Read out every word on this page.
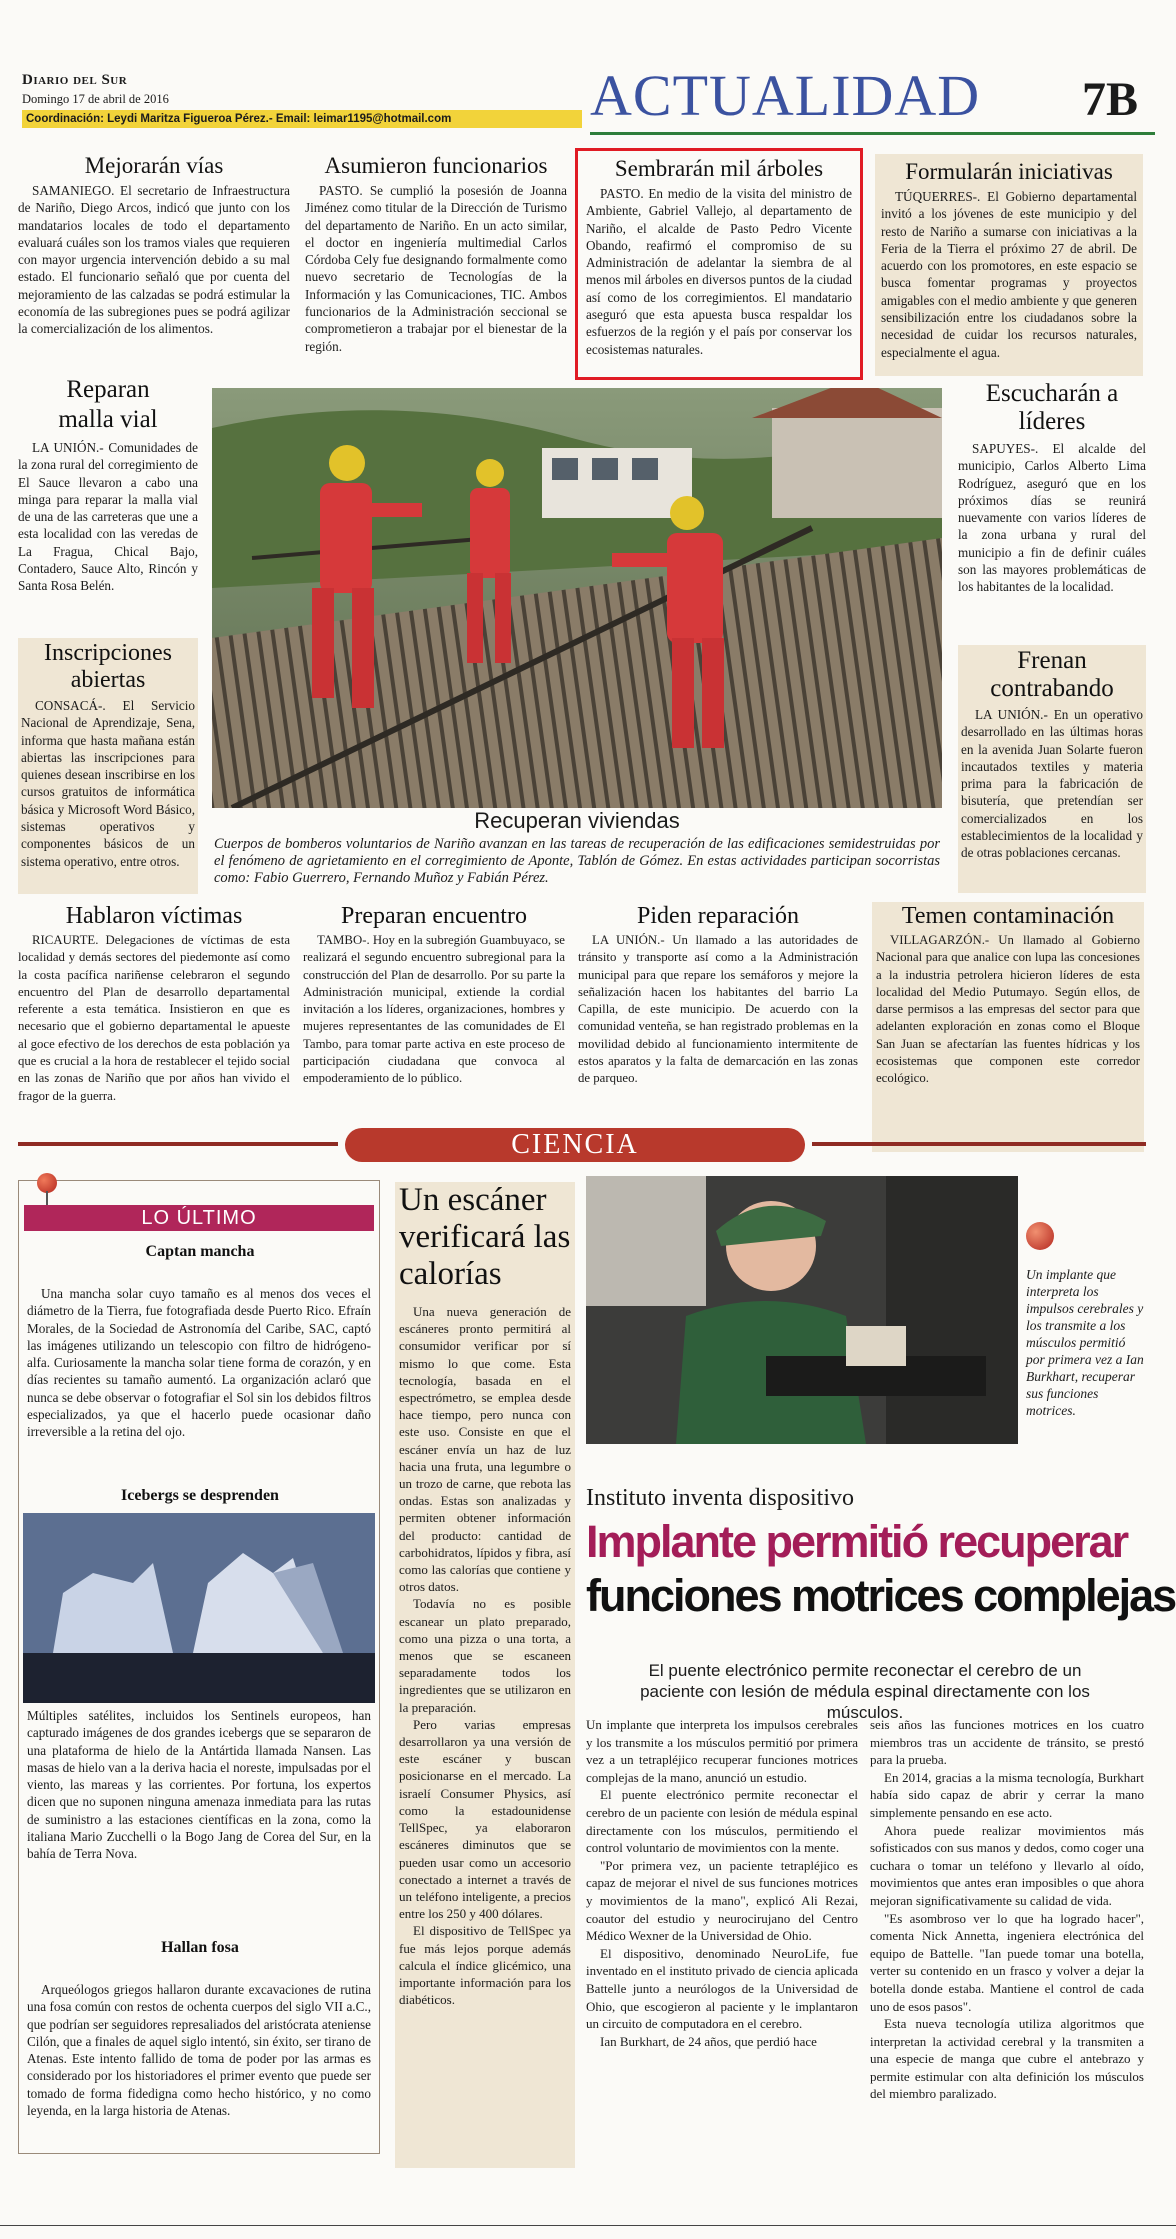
Diario del Sur
Domingo 17 de abril de 2016
Coordinación: Leydi Maritza Figueroa Pérez.- Email: leimar1195@hotmail.com	ACTUALIDAD 7B
Mejorarán vías

SAMANIEGO. El secretario de Infraestructura de Nariño, Diego Arcos, indicó que junto con los mandatarios locales de todo el departamento evaluará cuáles son los tramos viales que requieren con mayor urgencia intervención debido a su mal estado. El funcionario señaló que por cuenta del mejoramiento de las calzadas se podrá estimular la economía de las subregiones pues se podrá agilizar la comercialización de los alimentos.

Asumieron funcionarios

PASTO. Se cumplió la posesión de Joanna Jiménez como titular de la Dirección de Turismo del departamento de Nariño. En un acto similar, el doctor en ingeniería multimedial Carlos Córdoba Cely fue designando formalmente como nuevo secretario de Tecnologías de la Información y las Comunicaciones, TIC. Ambos funcionarios de la Administración seccional se comprometieron a trabajar por el bienestar de la región.

Sembrarán mil árboles

PASTO. En medio de la visita del ministro de Ambiente, Gabriel Vallejo, al departamento de Nariño, el alcalde de Pasto Pedro Vicente Obando, reafirmó el compromiso de su Administración de adelantar la siembra de al menos mil árboles en diversos puntos de la ciudad así como de los corregimientos. El mandatario aseguró que esta apuesta busca respaldar los esfuerzos de la región y el país por conservar los ecosistemas naturales.

Formularán iniciativas

TÚQUERRES-. El Gobierno departamental invitó a los jóvenes de este municipio y del resto de Nariño a sumarse con iniciativas a la Feria de la Tierra el próximo 27 de abril. De acuerdo con los promotores, en este espacio se busca fomentar programas y proyectos amigables con el medio ambiente y que generen sensibilización entre los ciudadanos sobre la necesidad de cuidar los recursos naturales, especialmente el agua.

Reparan malla vial

LA UNIÓN.- Comunidades de la zona rural del corregimiento de El Sauce llevaron a cabo una minga para reparar la malla vial de una de las carreteras que une a esta localidad con las veredas de La Fragua, Chical Bajo, Contadero, Sauce Alto, Rincón y Santa Rosa Belén.

Inscripciones abiertas

CONSACÁ-. El Servicio Nacional de Aprendizaje, Sena, informa que hasta mañana están abiertas las inscripciones para quienes desean inscribirse en los cursos gratuitos de informática básica y Microsoft Word Básico, sistemas operativos y componentes básicos de un sistema operativo, entre otros.

Recuperan viviendas
Cuerpos de bomberos voluntarios de Nariño avanzan en las tareas de recuperación de las edificaciones semidestruidas por el fenómeno de agrietamiento en el corregimiento de Aponte, Tablón de Gómez. En estas actividades participan socorristas como: Fabio Guerrero, Fernando Muñoz y Fabián Pérez.
Escucharán a líderes

SAPUYES-. El alcalde del municipio, Carlos Alberto Lima Rodríguez, aseguró que en los próximos días se reunirá nuevamente con varios líderes de la zona urbana y rural del municipio a fin de definir cuáles son las mayores problemáticas de los habitantes de la localidad.

Frenan contrabando

LA UNIÓN.- En un operativo desarrollado en las últimas horas en la avenida Juan Solarte fueron incautados textiles y materia prima para la fabricación de bisutería, que pretendían ser comercializados en los establecimientos de la localidad y de otras poblaciones cercanas.

Hablaron víctimas

RICAURTE. Delegaciones de víctimas de esta localidad y demás sectores del piedemonte así como la costa pacífica nariñense celebraron el segundo encuentro del Plan de desarrollo departamental referente a esta temática. Insistieron en que es necesario que el gobierno departamental le apueste al goce efectivo de los derechos de esta población ya que es crucial a la hora de restablecer el tejido social en las zonas de Nariño que por años han vivido el fragor de la guerra.

Preparan encuentro

TAMBO-. Hoy en la subregión Guambuyaco, se realizará el segundo encuentro subregional para la construcción del Plan de desarrollo. Por su parte la Administración municipal, extiende la cordial invitación a los líderes, organizaciones, hombres y mujeres representantes de las comunidades de El Tambo, para tomar parte activa en este proceso de participación ciudadana que convoca al empoderamiento de lo público.

Piden reparación

LA UNIÓN.- Un llamado a las autoridades de tránsito y transporte así como a la Administración municipal para que repare los semáforos y mejore la señalización hacen los habitantes del barrio La Capilla, de este municipio. De acuerdo con la comunidad venteña, se han registrado problemas en la movilidad debido al funcionamiento intermitente de estos aparatos y la falta de demarcación en las zonas de parqueo.

Temen contaminación

VILLAGARZÓN.- Un llamado al Gobierno Nacional para que analice con lupa las concesiones a la industria petrolera hicieron líderes de esta localidad del Medio Putumayo. Según ellos, de darse permisos a las empresas del sector para que adelanten exploración en zonas como el Bloque San Juan se afectarían las fuentes hídricas y los ecosistemas que componen este corredor ecológico.

CIENCIA
LO ÚLTIMO
Captan mancha

Una mancha solar cuyo tamaño es al menos dos veces el diámetro de la Tierra, fue fotografiada desde Puerto Rico. Efraín Morales, de la Sociedad de Astronomía del Caribe, SAC, captó las imágenes utilizando un telescopio con filtro de hidrógeno-alfa. Curiosamente la mancha solar tiene forma de corazón, y en días recientes su tamaño aumentó. La organización aclaró que nunca se debe observar o fotografiar el Sol sin los debidos filtros especializados, ya que el hacerlo puede ocasionar daño irreversible a la retina del ojo.

Icebergs se desprenden

Múltiples satélites, incluidos los Sentinels europeos, han capturado imágenes de dos grandes icebergs que se separaron de una plataforma de hielo de la Antártida llamada Nansen. Las masas de hielo van a la deriva hacia el noreste, impulsadas por el viento, las mareas y las corrientes. Por fortuna, los expertos dicen que no suponen ninguna amenaza inmediata para las rutas de suministro a las estaciones científicas en la zona, como la italiana Mario Zucchelli o la Bogo Jang de Corea del Sur, en la bahía de Terra Nova.

Hallan fosa

Arqueólogos griegos hallaron durante excavaciones de rutina una fosa común con restos de ochenta cuerpos del siglo VII a.C., que podrían ser seguidores represaliados del aristócrata ateniense Cilón, que a finales de aquel siglo intentó, sin éxito, ser tirano de Atenas. Este intento fallido de toma de poder por las armas es considerado por los historiadores el primer evento que puede ser tomado de forma fidedigna como hecho histórico, y no como leyenda, en la larga historia de Atenas.

Un escáner verificará las calorías

Una nueva generación de escáneres pronto permitirá al consumidor verificar por sí mismo lo que come. Esta tecnología, basada en el espectrómetro, se emplea desde hace tiempo, pero nunca con este uso. Consiste en que el escáner envía un haz de luz hacia una fruta, una legumbre o un trozo de carne, que rebota las ondas. Estas son analizadas y permiten obtener información del producto: cantidad de carbohidratos, lípidos y fibra, así como las calorías que contiene y otros datos.

Todavía no es posible escanear un plato preparado, como una pizza o una torta, a menos que se escaneen separadamente todos los ingredientes que se utilizaron en la preparación.

Pero varias empresas desarrollaron ya una versión de este escáner y buscan posicionarse en el mercado. La israelí Consumer Physics, así como la estadounidense TellSpec, ya elaboraron escáneres diminutos que se pueden usar como un accesorio conectado a internet a través de un teléfono inteligente, a precios entre los 250 y 400 dólares.

El dispositivo de TellSpec ya fue más lejos porque además calcula el índice glicémico, una importante información para los diabéticos.

Un implante que interpreta los impulsos cerebrales y los transmite a los músculos permitió por primera vez a Ian Burkhart, recuperar sus funciones motrices.
Instituto inventa dispositivo
Implante permitió recuperar
funciones motrices complejas
El puente electrónico permite reconectar el cerebro de un paciente con lesión de médula espinal directamente con los músculos.

Un implante que interpreta los impulsos cerebrales y los transmite a los músculos permitió por primera vez a un tetrapléjico recuperar funciones motrices complejas de la mano, anunció un estudio.

El puente electrónico permite reconectar el cerebro de un paciente con lesión de médula espinal directamente con los músculos, permitiendo el control voluntario de movimientos con la mente.

"Por primera vez, un paciente tetrapléjico es capaz de mejorar el nivel de sus funciones motrices y movimientos de la mano", explicó Ali Rezai, coautor del estudio y neurocirujano del Centro Médico Wexner de la Universidad de Ohio.

El dispositivo, denominado NeuroLife, fue inventado en el instituto privado de ciencia aplicada Battelle junto a neurólogos de la Universidad de Ohio, que escogieron al paciente y le implantaron un circuito de computadora en el cerebro.

Ian Burkhart, de 24 años, que perdió hace

seis años las funciones motrices en los cuatro miembros tras un accidente de tránsito, se prestó para la prueba.

En 2014, gracias a la misma tecnología, Burkhart había sido capaz de abrir y cerrar la mano simplemente pensando en ese acto.

Ahora puede realizar movimientos más sofisticados con sus manos y dedos, como coger una cuchara o tomar un teléfono y llevarlo al oído, movimientos que antes eran imposibles o que ahora mejoran significativamente su calidad de vida.

"Es asombroso ver lo que ha logrado hacer", comenta Nick Annetta, ingeniera electrónica del equipo de Battelle. "Ian puede tomar una botella, verter su contenido en un frasco y volver a dejar la botella donde estaba. Mantiene el control de cada uno de esos pasos".

Esta nueva tecnología utiliza algoritmos que interpretan la actividad cerebral y la transmiten a una especie de manga que cubre el antebrazo y permite estimular con alta definición los músculos del miembro paralizado.
